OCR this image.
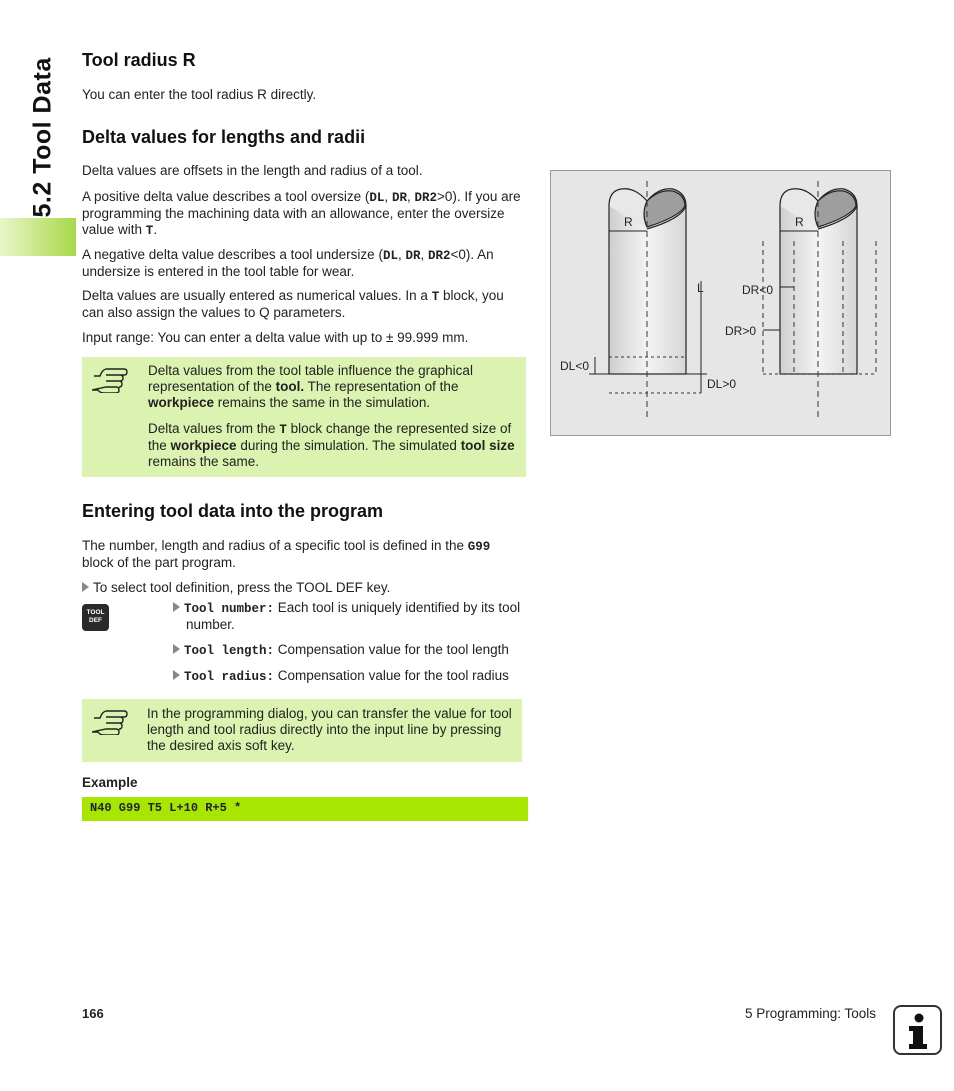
5.2 Tool Data Tool radius R

You can enter the tool radius R directly.

Delta values for lengths and radii

Delta values are offsets in the length and radius of a tool.

A positive delta value describes a tool oversize (DL, DR, DR2>0). If you are programming the machining data with an allowance, enter the oversize value with T.

A negative delta value describes a tool undersize (DL, DR, DR2<0). An undersize is entered in the tool table for wear.

Delta values are usually entered as numerical values. In a T block, you can also assign the values to Q parameters.

Input range: You can enter a delta value with up to ± 99.999 mm.

Delta values from the tool table influence the graphical representation of the tool. The representation of the workpiece remains the same in the simulation.

Delta values from the T block change the represented size of the workpiece during the simulation. The simulated tool size remains the same.

Entering tool data into the program

The number, length and radius of a specific tool is defined in the G99 block of the part program.

To select tool definition, press the TOOL DEF key.

TOOL
DEF

Tool number: Each tool is uniquely identified by its tool number.

Tool length: Compensation value for the tool length

Tool radius: Compensation value for the tool radius

In the programming dialog, you can transfer the value for tool length and tool radius directly into the input line by pressing the desired axis soft key.

Example
N40 G99 T5 L+10 R+5 *
R	R
L	DR<0
DR>0
DL<0
DL>0
166	5 Programming: Tools
